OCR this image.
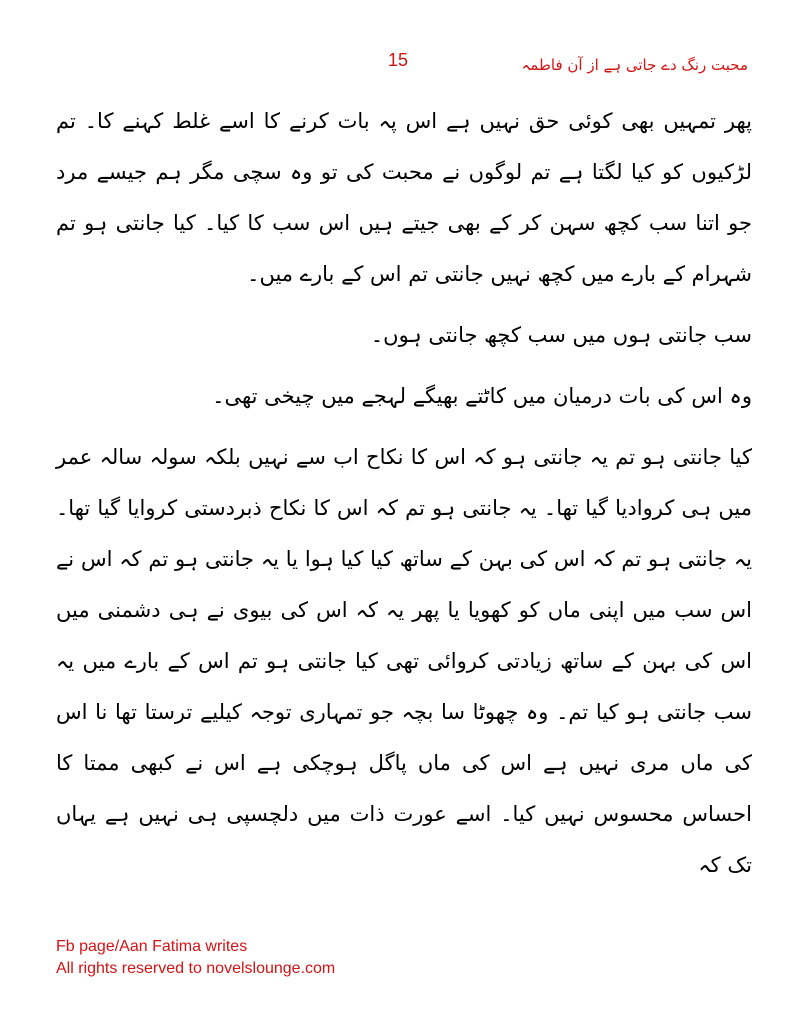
15	محبت رنگ دے جاتی ہے از آن فاطمہ

پھر تمہیں بھی کوئی حق نہیں ہے اس پہ بات کرنے کا اسے غلط کہنے کا۔ تم لڑکیوں کو کیا لگتا ہے تم لوگوں نے محبت کی تو وہ سچی مگر ہم جیسے مرد جو اتنا سب کچھ سہن کر کے بھی جیتے ہیں اس سب کا کیا۔ کیا جانتی ہو تم شہرام کے بارے میں کچھ نہیں جانتی تم اس کے بارے میں۔

سب جانتی ہوں میں سب کچھ جانتی ہوں۔

وہ اس کی بات درمیان میں کاٹتے بھیگے لہجے میں چیخی تھی۔

کیا جانتی ہو تم یہ جانتی ہو کہ اس کا نکاح اب سے نہیں بلکہ سولہ سالہ عمر میں ہی کروادیا گیا تھا۔ یہ جانتی ہو تم کہ اس کا نکاح ذبردستی کروایا گیا تھا۔ یہ جانتی ہو تم کہ اس کی بہن کے ساتھ کیا کیا ہوا یا یہ جانتی ہو تم کہ اس نے اس سب میں اپنی ماں کو کھویا یا پھر یہ کہ اس کی بیوی نے ہی دشمنی میں اس کی بہن کے ساتھ زیادتی کروائی تھی کیا جانتی ہو تم اس کے بارے میں یہ سب جانتی ہو کیا تم۔ وہ چھوٹا سا بچہ جو تمہاری توجہ کیلیے ترستا تھا نا اس کی ماں مری نہیں ہے اس کی ماں پاگل ہوچکی ہے اس نے کبھی ممتا کا احساس محسوس نہیں کیا۔ اسے عورت ذات میں دلچسپی ہی نہیں ہے یہاں تک کہ

Fb page/Aan Fatima writes
All rights reserved to novelslounge.com
